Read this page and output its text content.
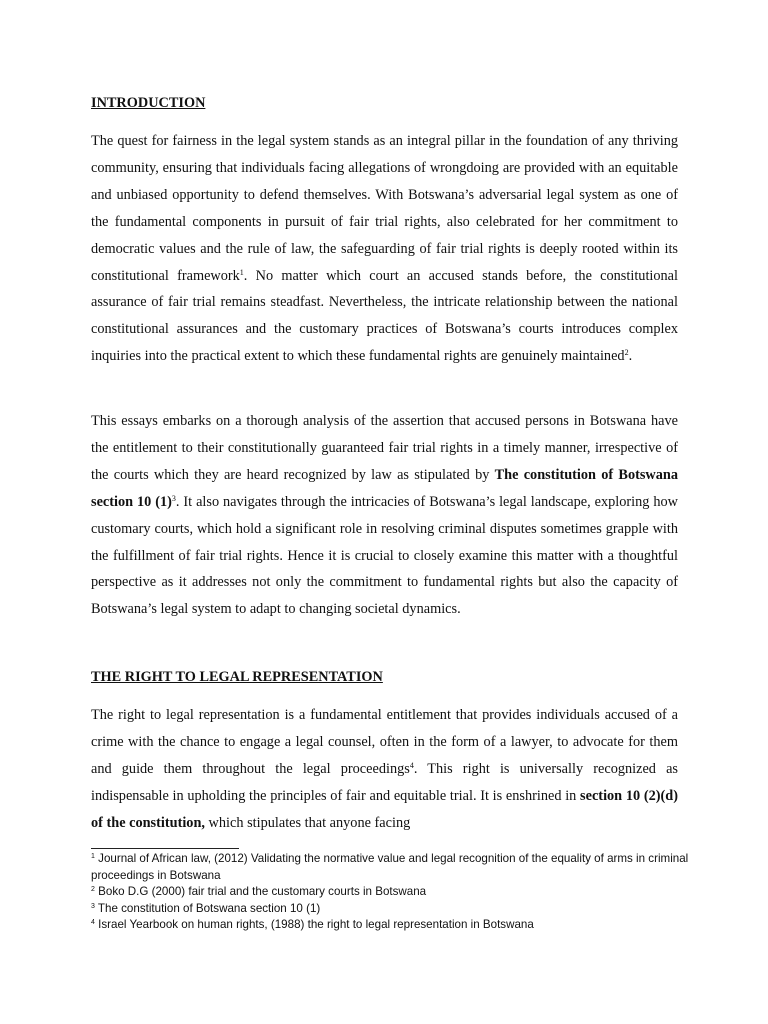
INTRODUCTION
The quest for fairness in the legal system stands as an integral pillar in the foundation of any thriving community, ensuring that individuals facing allegations of wrongdoing are provided with an equitable and unbiased opportunity to defend themselves. With Botswana’s adversarial legal system as one of the fundamental components in pursuit of fair trial rights, also celebrated for her commitment to democratic values and the rule of law, the safeguarding of fair trial rights is deeply rooted within its constitutional framework$^1$. No matter which court an accused stands before, the constitutional assurance of fair trial remains steadfast. Nevertheless, the intricate relationship between the national constitutional assurances and the customary practices of Botswana’s courts introduces complex inquiries into the practical extent to which these fundamental rights are genuinely maintained$^2$.
This essays embarks on a thorough analysis of the assertion that accused persons in Botswana have the entitlement to their constitutionally guaranteed fair trial rights in a timely manner, irrespective of the courts which they are heard recognized by law as stipulated by The constitution of Botswana section 10 $(1)^3$. It also navigates through the intricacies of Botswana’s legal landscape, exploring how customary courts, which hold a significant role in resolving criminal disputes sometimes grapple with the fulfillment of fair trial rights. Hence it is crucial to closely examine this matter with a thoughtful perspective as it addresses not only the commitment to fundamental rights but also the capacity of Botswana’s legal system to adapt to changing societal dynamics.
THE RIGHT TO LEGAL REPRESENTATION
The right to legal representation is a fundamental entitlement that provides individuals accused of a crime with the chance to engage a legal counsel, often in the form of a lawyer, to advocate for them and guide them throughout the legal proceedings$^4$. This right is universally recognized as indispensable in upholding the principles of fair and equitable trial. It is enshrined in section 10 (2)(d) of the constitution, which stipulates that anyone facing
$^1$ Journal of African law, (2012) Validating the normative value and legal recognition of the equality of arms in criminal proceedings in Botswana
$^2$ Boko D.G (2000) fair trial and the customary courts in Botswana
$^3$ The constitution of Botswana section 10 (1)
$^4$ Israel Yearbook on human rights, (1988) the right to legal representation in Botswana
